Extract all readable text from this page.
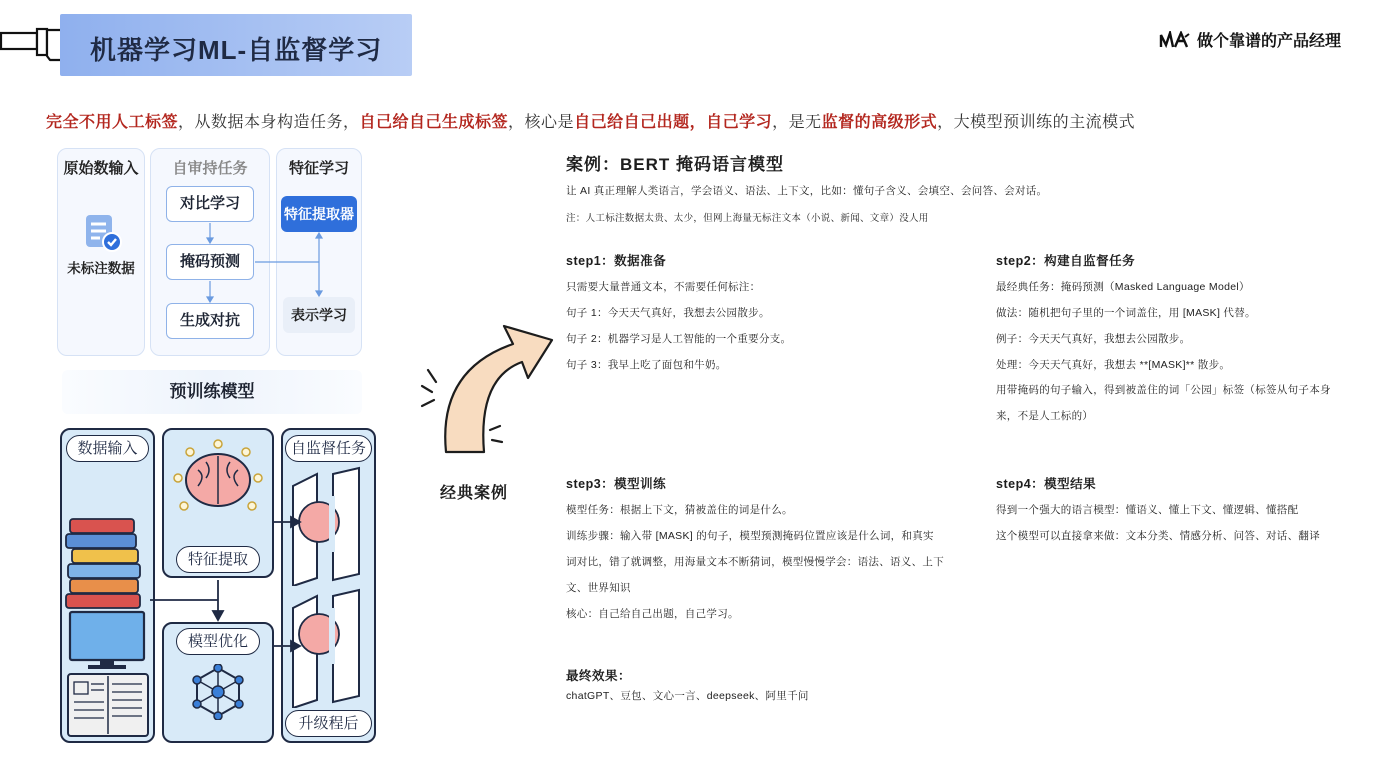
机器学习ML-自监督学习	做个靠谱的产品经理
完全不用人工标签，从数据本身构造任务，自己给自己生成标签，核心是自己给自己出题，自己学习，是无监督的高级形式，大模型预训练的主流模式
原始数输入
未标注数据
自审持任务
对比学习
掩码预测
生成对抗
特征学习
特征提取器
表示学习
预训练模型
数据输入
特征提取
模型优化
自监督任务
升级程后
经典案例
案例：BERT 掩码语言模型
让 AI 真正理解人类语言，学会语义、语法、上下文，比如：懂句子含义、会填空、会问答、会对话。
注：人工标注数据太贵、太少，但网上海量无标注文本（小说、新闻、文章）没人用
step1：数据准备
只需要大量普通文本，不需要任何标注：
句子 1：今天天气真好，我想去公园散步。
句子 2：机器学习是人工智能的一个重要分支。
句子 3：我早上吃了面包和牛奶。
step2：构建自监督任务
最经典任务：掩码预测（Masked Language Model）
做法：随机把句子里的一个词盖住，用 [MASK] 代替。
例子：今天天气真好，我想去公园散步。
处理：今天天气真好，我想去 **[MASK]** 散步。
用带掩码的句子输入，得到被盖住的词「公园」标签（标签从句子本身
来，不是人工标的）
step3：模型训练
模型任务：根据上下文，猜被盖住的词是什么。
训练步骤：输入带 [MASK] 的句子，模型预测掩码位置应该是什么词，和真实
词对比，错了就调整，用海量文本不断猜词，模型慢慢学会：语法、语义、上下
文、世界知识
核心：自己给自己出题，自己学习。
step4：模型结果
得到一个强大的语言模型：懂语义、懂上下文、懂逻辑、懂搭配
这个模型可以直接拿来做：文本分类、情感分析、问答、对话、翻译
最终效果：
chatGPT、豆包、文心一言、deepseek、阿里千问
